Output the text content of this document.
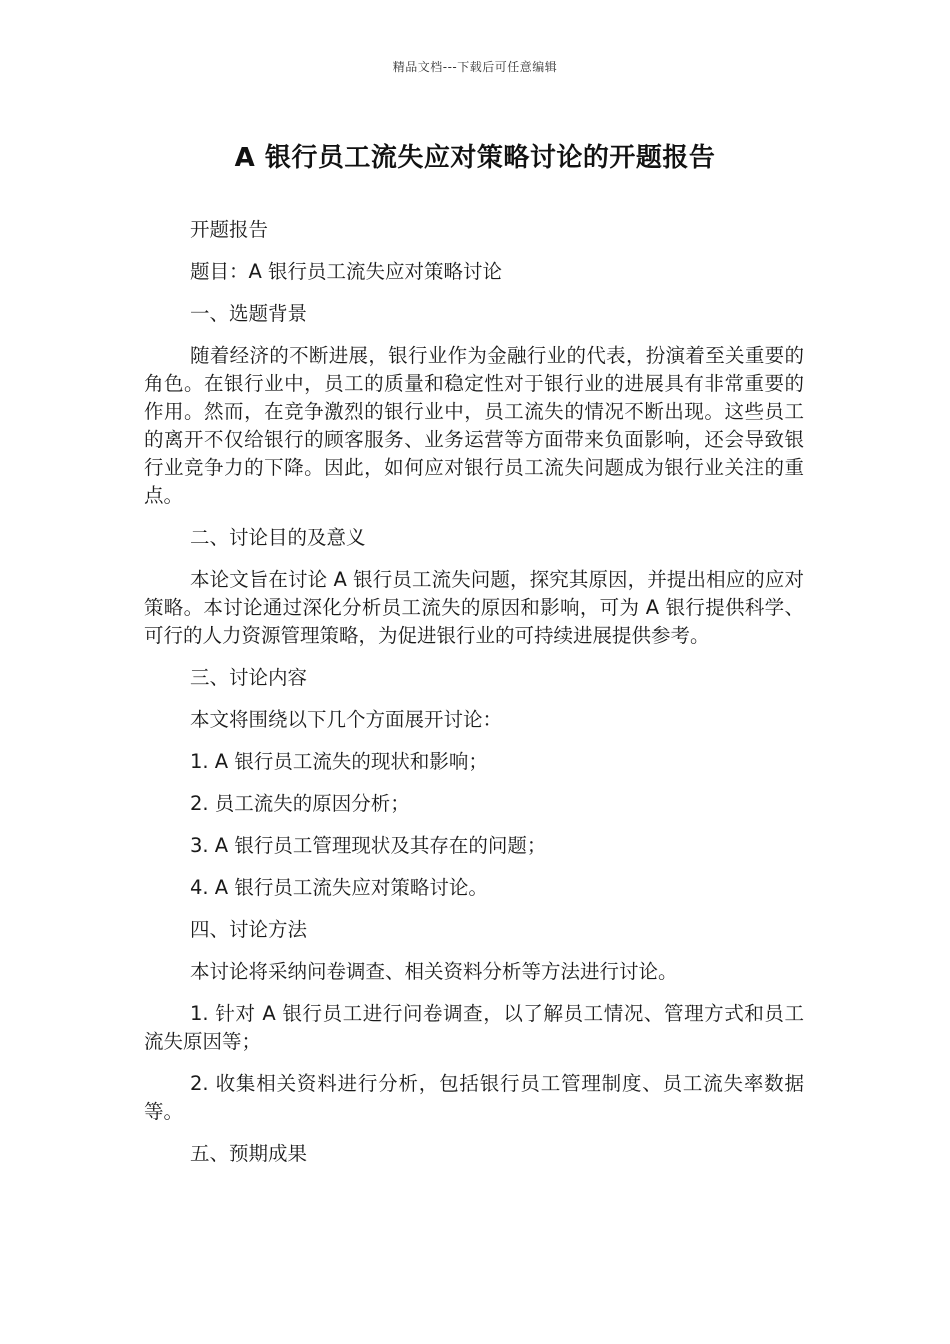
精品文档---下载后可任意编辑
A 银行员工流失应对策略讨论的开题报告

开题报告

题目：A 银行员工流失应对策略讨论

一、选题背景

随着经济的不断进展，银行业作为金融行业的代表，扮演着至关重要的角色。在银行业中，员工的质量和稳定性对于银行业的进展具有非常重要的作用。然而，在竞争激烈的银行业中，员工流失的情况不断出现。这些员工的离开不仅给银行的顾客服务、业务运营等方面带来负面影响，还会导致银行业竞争力的下降。因此，如何应对银行员工流失问题成为银行业关注的重点。

二、讨论目的及意义

本论文旨在讨论 A 银行员工流失问题，探究其原因，并提出相应的应对策略。本讨论通过深化分析员工流失的原因和影响，可为 A 银行提供科学、可行的人力资源管理策略，为促进银行业的可持续进展提供参考。

三、讨论内容

本文将围绕以下几个方面展开讨论：

1. A 银行员工流失的现状和影响；

2. 员工流失的原因分析；

3. A 银行员工管理现状及其存在的问题；

4. A 银行员工流失应对策略讨论。

四、讨论方法

本讨论将采纳问卷调查、相关资料分析等方法进行讨论。

1. 针对 A 银行员工进行问卷调查，以了解员工情况、管理方式和员工流失原因等；

2. 收集相关资料进行分析，包括银行员工管理制度、员工流失率数据等。

五、预期成果
